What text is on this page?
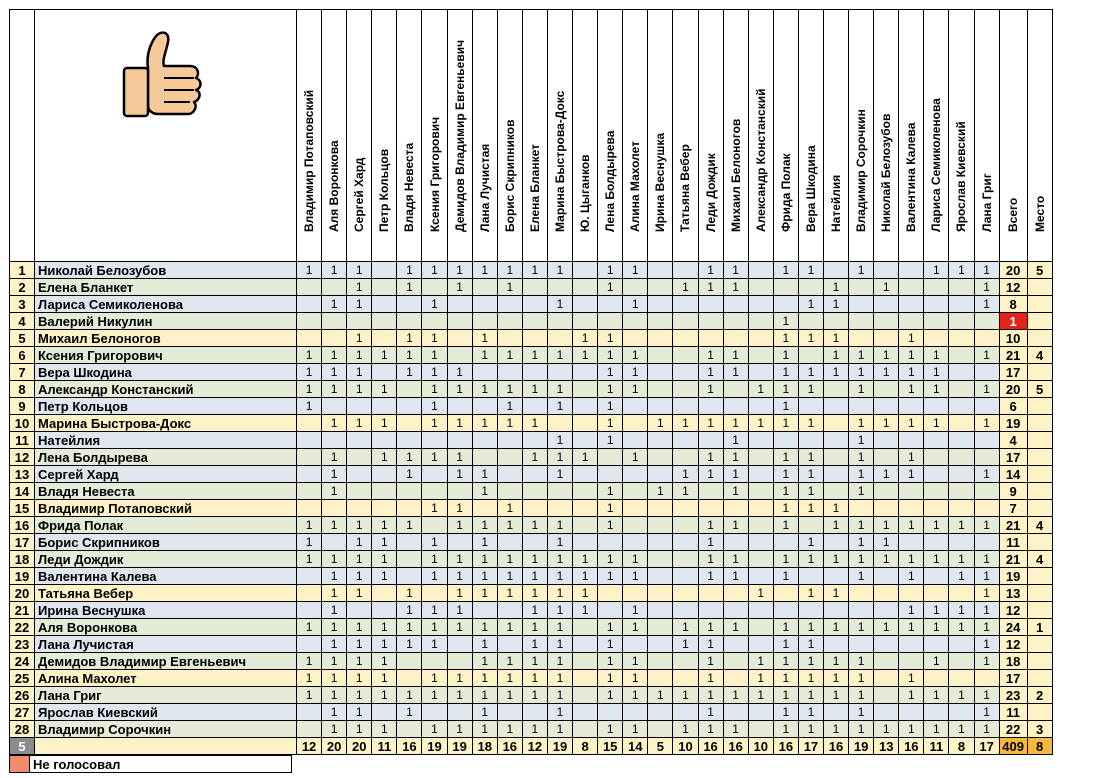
Владимир Потаповский	Аля Воронкова	Сергей Хард	Петр Кольцов	Владя Невеста	Ксения Григорович	Демидов Владимир Евгеньевич	Лана Лучистая	Борис Скрипников	Елена Бланкет	Марина Быстрова-Докс	Ю. Цыганков	Лена Болдырева	Алина Махолет	Ирина Веснушка	Татьяна Вебер	Леди Дождик	Михаил Белоногов	Александр Констанский	Фрида Полак	Вера Шкодина	Натейлия	Владимир Сорочкин	Николай Белозубов	Валентина Калева	Лариса Семиколенова	Ярослав Киевский	Лана Григ	Всего	Место

1	Николай Белозубов	1	1	1		1	1	1	1	1	1	1		1	1			1	1		1	1		1			1	1	1	20	5
2	Елена Бланкет			1		1		1		1				1			1	1	1				1		1				1	12	
3	Лариса Семиколенова		1	1			1					1			1							1	1						1	8	
4	Валерий Никулин																				1									1	
5	Михаил Белоногов			1		1	1		1				1	1							1	1	1			1				10	
6	Ксения Григорович	1	1	1	1	1	1		1	1	1	1	1	1	1			1	1		1		1	1	1	1	1		1	21	4
7	Вера Шкодина	1	1	1		1	1	1						1	1			1	1		1	1	1	1	1	1	1			17	
8	Александр Констанский	1	1	1	1		1	1	1	1	1	1		1	1			1		1	1	1		1		1	1		1	20	5
9	Петр Кольцов	1					1			1		1		1							1									6	
10	Марина Быстрова-Докс		1	1	1		1	1	1	1	1			1		1	1	1	1	1	1	1		1	1	1	1		1	19	
11	Натейлия											1		1					1					1						4	
12	Лена Болдырева		1		1	1	1	1			1	1	1		1			1	1		1	1		1		1				17	
13	Сергей Хард		1			1		1	1			1					1	1	1		1	1		1	1	1			1	14	
14	Владя Невеста		1						1					1		1	1		1		1	1		1						9	
15	Владимир Потаповский						1	1		1				1							1	1	1							7	
16	Фрида Полак	1	1	1	1	1		1	1	1	1	1		1				1	1		1		1	1	1	1	1	1	1	21	4
17	Борис Скрипников	1		1	1		1		1			1						1				1		1	1					11	
18	Леди Дождик	1	1	1	1		1	1	1	1	1	1	1	1	1			1	1		1	1	1	1	1	1	1	1	1	21	4
19	Валентина Калева		1	1	1		1	1	1	1	1	1	1	1	1			1	1		1			1		1		1	1	19	
20	Татьяна Вебер		1	1		1		1	1	1	1	1	1							1		1	1						1	13	
21	Ирина Веснушка		1			1	1	1			1	1	1		1											1	1	1	1	12	
22	Аля Воронкова	1	1	1	1	1	1	1	1	1	1	1		1	1		1	1	1		1	1	1	1	1	1	1	1	1	24	1
23	Лана Лучистая		1	1	1	1	1		1		1	1		1			1	1			1	1							1	12	
24	Демидов Владимир Евгеньевич	1	1	1	1				1	1	1	1		1	1			1		1	1	1	1	1			1		1	18	
25	Алина Махолет	1	1	1	1		1	1	1	1	1	1		1	1			1		1	1	1	1	1		1				17	
26	Лана Григ	1	1	1	1	1	1	1	1	1	1	1		1	1	1	1	1	1	1	1	1	1	1		1	1	1	1	23	2
27	Ярослав Киевский		1	1		1			1			1						1			1	1		1					1	11	
28	Владимир Сорочкин		1	1	1		1	1	1	1	1	1		1	1		1	1	1		1	1	1	1	1	1	1	1	1	22	3
5		12	20	20	11	16	19	19	18	16	12	19	8	15	14	5	10	16	16	10	16	17	16	19	13	16	11	8	17	409	8
	Не голосовал
